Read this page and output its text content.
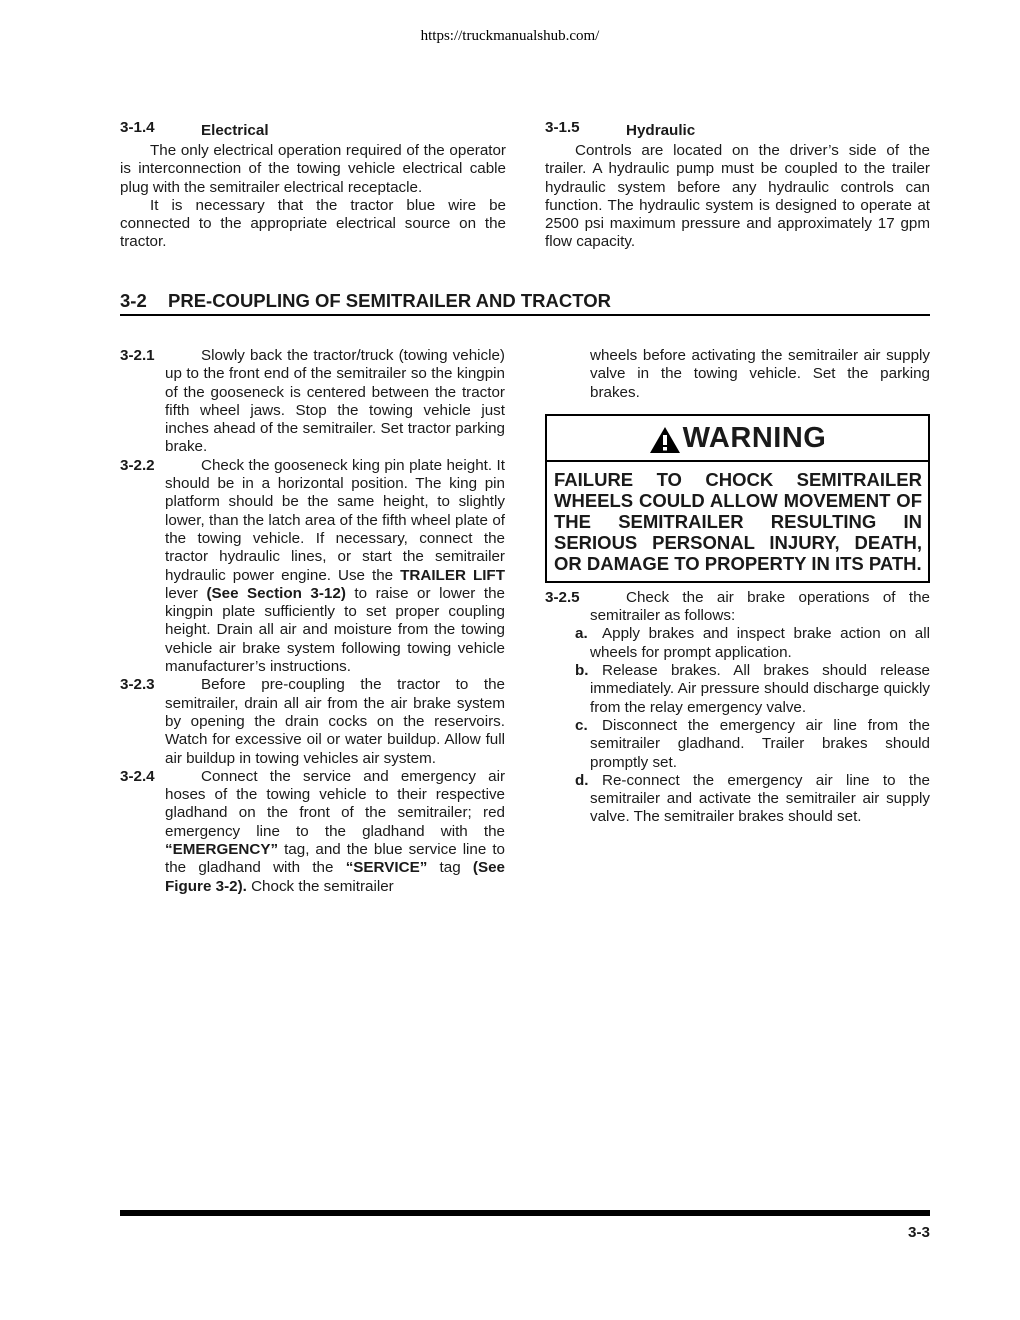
https://truckmanualshub.com/
3-1.4	Electrical

The only electrical operation required of the operator is interconnection of the towing vehicle electrical cable plug with the semitrailer electrical receptacle.

It is necessary that the tractor blue wire be connected to the appropriate electrical source on the tractor.

3-1.5	Hydraulic

Controls are located on the driver’s side of the trailer. A hydraulic pump must be coupled to the trailer hydraulic system before any hydraulic controls can function. The hydraulic system is designed to operate at 2500 psi maximum pressure and approximately 17 gpm flow capacity.

3-2 PRE-COUPLING OF SEMITRAILER AND TRACTOR
3-2.1	Slowly back the tractor/truck (towing vehicle) up to the front end of the semitrailer so the kingpin of the gooseneck is centered between the tractor fifth wheel jaws. Stop the towing vehicle just inches ahead of the semitrailer. Set tractor parking brake.

3-2.2	Check the gooseneck king pin plate height. It should be in a horizontal position. The king pin platform should be the same height, to slightly lower, than the latch area of the fifth wheel plate of the towing vehicle. If necessary, connect the tractor hydraulic lines, or start the semitrailer hydraulic power engine. Use the TRAILER LIFT lever (See Section 3-12) to raise or lower the kingpin plate sufficiently to set proper coupling height. Drain all air and moisture from the towing vehicle air brake system following towing vehicle manufacturer’s instructions.

3-2.3	Before pre-coupling the tractor to the semitrailer, drain all air from the air brake system by opening the drain cocks on the reservoirs. Watch for excessive oil or water buildup. Allow full air buildup in towing vehicles air system.

3-2.4	Connect the service and emergency air hoses of the towing vehicle to their respective gladhand on the front of the semitrailer; red emergency line to the gladhand with the “EMERGENCY” tag, and the blue service line to the gladhand with the “SERVICE” tag (See Figure 3-2). Chock the semitrailer

wheels before activating the semitrailer air supply valve in the towing vehicle. Set the parking brakes.

WARNING
FAILURE TO CHOCK SEMITRAILER WHEELS COULD ALLOW MOVEMENT OF THE SEMITRAILER RESULTING IN SERIOUS PERSONAL INJURY, DEATH, OR DAMAGE TO PROPERTY IN ITS PATH.
3-2.5	Check the air brake operations of the semitrailer as follows:

a. Apply brakes and inspect brake action on all wheels for prompt application.

b. Release brakes. All brakes should release immediately. Air pressure should discharge quickly from the relay emergency valve.

c. Disconnect the emergency air line from the semitrailer gladhand. Trailer brakes should promptly set.

d. Re-connect the emergency air line to the semitrailer and activate the semitrailer air supply valve. The semitrailer brakes should set.

3-3
